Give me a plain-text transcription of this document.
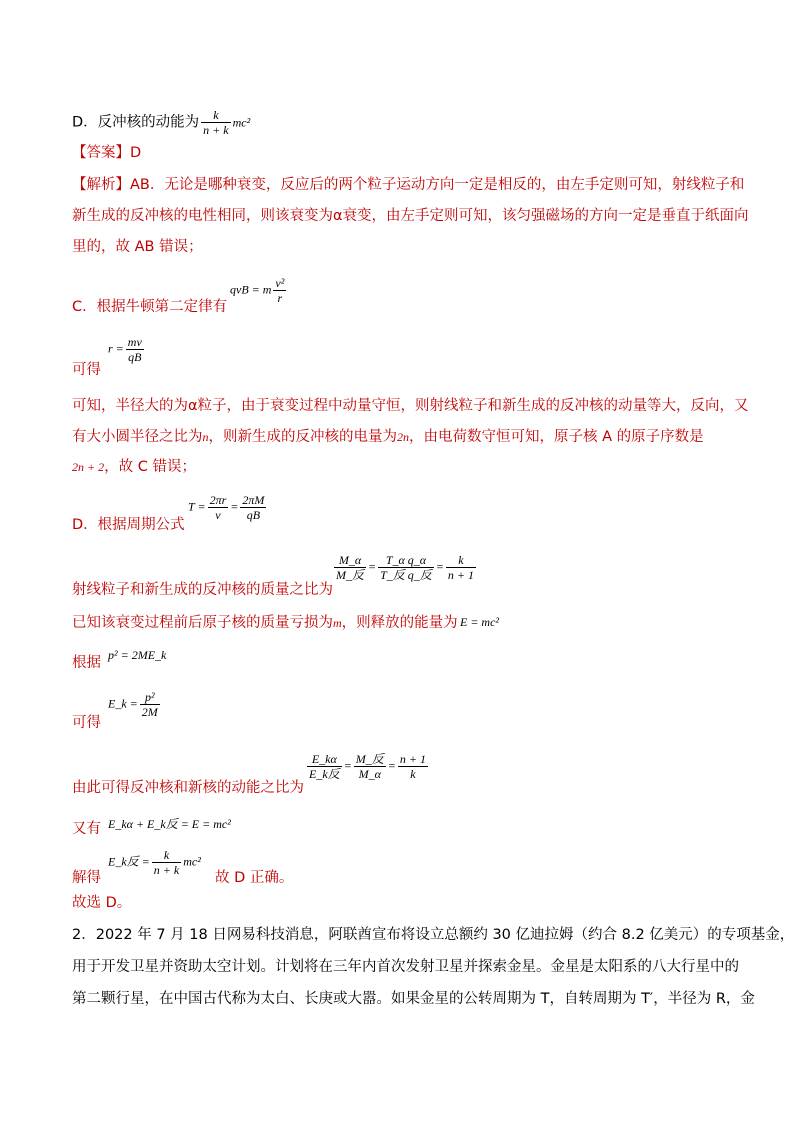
D．反冲核的动能为 $\frac{k}{n + k} mc^2$
【答案】D
【解析】AB．无论是哪种衰变，反应后的两个粒子运动方向一定是相反的，由左手定则可知，射线粒子和
新生成的反冲核的电性相同，则该衰变为α衰变，由左手定则可知，该匀强磁场的方向一定是垂直于纸面向
里的，故 AB 错误；
C．根据牛顿第二定律有
qvB = m $\frac{\text{v²}}{r}$
可得
$r = \frac{mv}{qB}$
可知，半径大的为α粒子，由于衰变过程中动量守恒，则射线粒子和新生成的反冲核的动量等大，反向，又
有大小圆半径之比为n，则新生成的反冲核的电量为2n，由电荷数守恒可知，原子核 A 的原子序数是
2n + 2，故 C 错误；
D．根据周期公式
$T = \frac{2\pi r}{v} = \frac{2\pi M}{qB}$
射线粒子和新生成的反冲核的质量之比为
$\frac{M\_\alpha}{\text{M\_反}} = \frac{\text{T\_α q\_α}}{\text{T\_反 q\_反}} = \frac{k}{n + 1}$
已知该衰变过程前后原子核的质量亏损为m，则释放的能量为 E = mc²
根据 p² = 2ME_k
可得
E_k = $\frac{\text{p²}}{2M}$
由此可得反冲核和新核的动能之比为
$\frac{E\_k\alpha}{\text{E\_k反}} = \frac{\text{M\_反}}{M\_\alpha} = \frac{n + 1}{k}$
又有 E_kα + E_k反 = E = mc²
解得
E_k反 = $\frac{k}{n + k} mc^2$
故 D 正确。
故选 D。
2．2022 年 7 月 18 日网易科技消息，阿联酋宣布将设立总额约 30 亿迪拉姆（约合 8.2 亿美元）的专项基金，
用于开发卫星并资助太空计划。计划将在三年内首次发射卫星并探索金星。金星是太阳系的八大行星中的
第二颗行星，在中国古代称为太白、长庚或大嚣。如果金星的公转周期为 T，自转周期为 T′，半径为 R，金
